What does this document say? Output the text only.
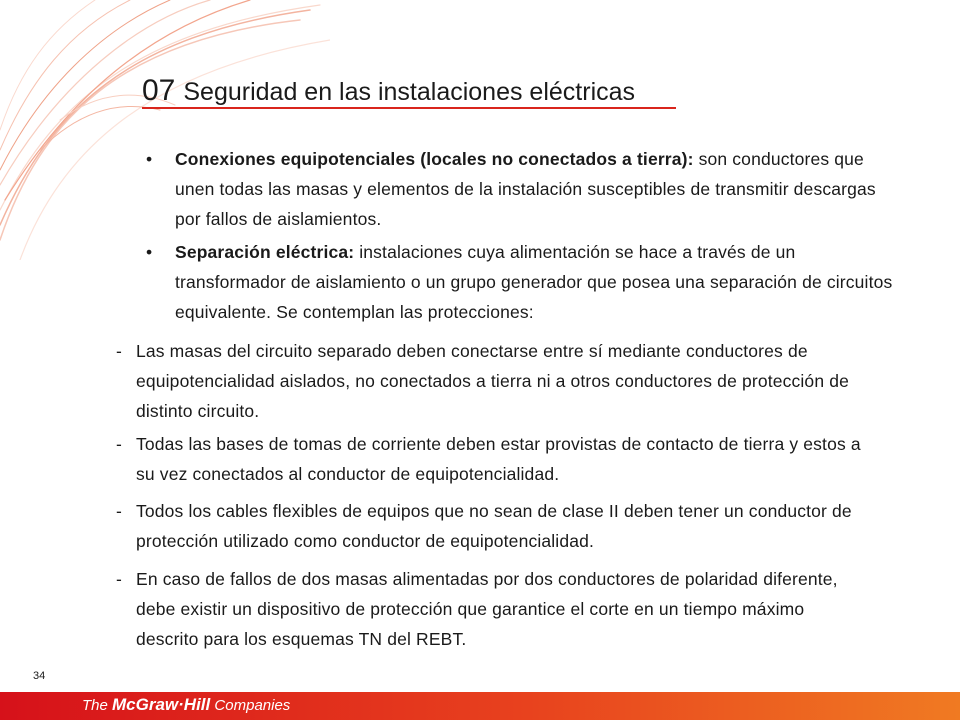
07 Seguridad en las instalaciones eléctricas
• Conexiones equipotenciales (locales no conectados a tierra): son conductores que unen todas las masas y elementos de la instalación susceptibles de transmitir descargas por fallos de aislamientos.
• Separación eléctrica: instalaciones cuya alimentación se hace a través de un transformador de aislamiento o un grupo generador que posea una separación de circuitos equivalente. Se contemplan las protecciones:
- Las masas del circuito separado deben conectarse entre sí mediante conductores de equipotencialidad aislados, no conectados a tierra ni a otros conductores de protección de distinto circuito.
- Todas las bases de tomas de corriente deben estar provistas de contacto de tierra y estos a su vez conectados al conductor de equipotencialidad.
- Todos los cables flexibles de equipos que no sean de clase II deben tener un conductor de protección utilizado como conductor de equipotencialidad.
- En caso de fallos de dos masas alimentadas por dos conductores de polaridad diferente, debe existir un dispositivo de protección que garantice el corte en un tiempo máximo descrito para los esquemas TN del REBT.
34
The McGraw·Hill Companies
